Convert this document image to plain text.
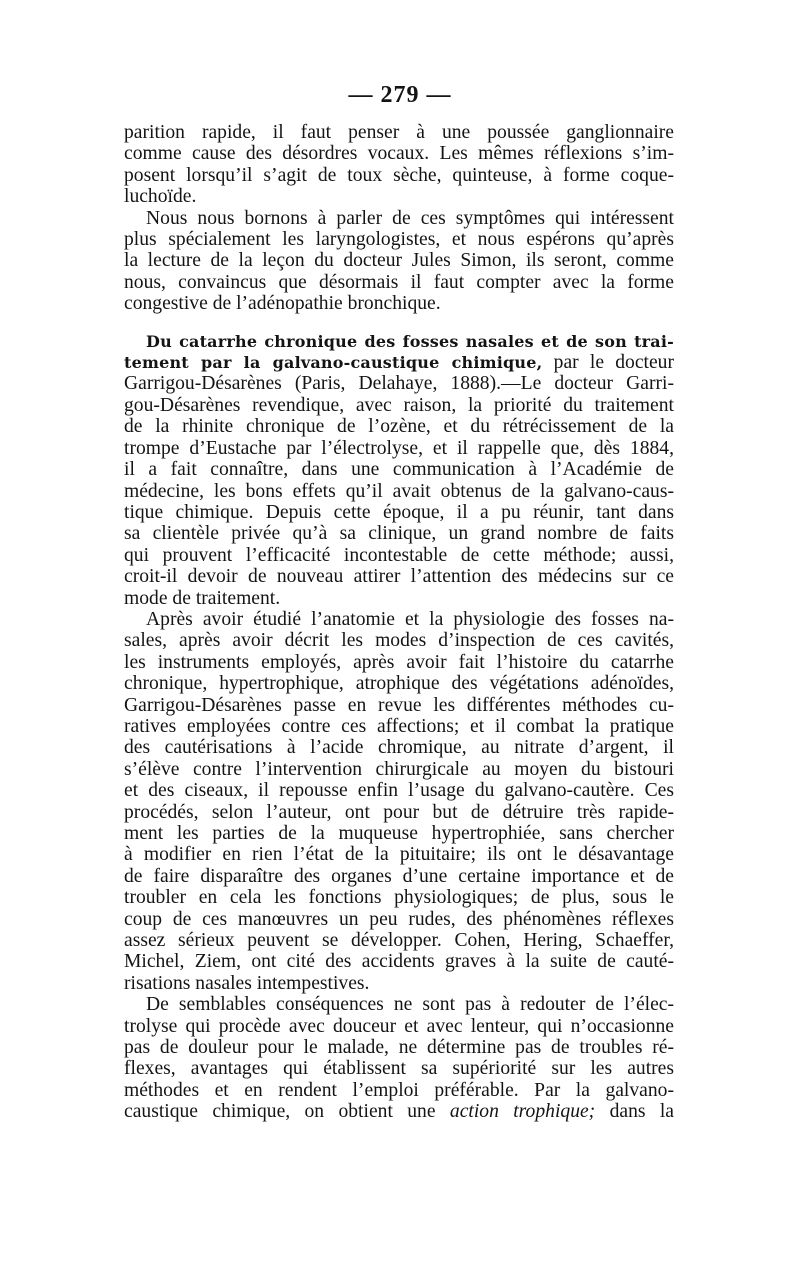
— 279 —
parition rapide, il faut penser à une poussée ganglionnaire
comme cause des désordres vocaux. Les mêmes réflexions s’im-
posent lorsqu’il s’agit de toux sèche, quinteuse, à forme coque-
luchoïde.
Nous nous bornons à parler de ces symptômes qui intéressent
plus spécialement les laryngologistes, et nous espérons qu’après
la lecture de la leçon du docteur Jules Simon, ils seront, comme
nous, convaincus que désormais il faut compter avec la forme
congestive de l’adénopathie bronchique.
Du catarrhe chronique des fosses nasales et de son trai-
tement par la galvano-caustique chimique, par le docteur
Garrigou-Désarènes (Paris, Delahaye, 1888).—Le docteur Garri-
gou-Désarènes revendique, avec raison, la priorité du traitement
de la rhinite chronique de l’ozène, et du rétrécissement de la
trompe d’Eustache par l’électrolyse, et il rappelle que, dès 1884,
il a fait connaître, dans une communication à l’Académie de
médecine, les bons effets qu’il avait obtenus de la galvano-caus-
tique chimique. Depuis cette époque, il a pu réunir, tant dans
sa clientèle privée qu’à sa clinique, un grand nombre de faits
qui prouvent l’efficacité incontestable de cette méthode; aussi,
croit-il devoir de nouveau attirer l’attention des médecins sur ce
mode de traitement.
Après avoir étudié l’anatomie et la physiologie des fosses na-
sales, après avoir décrit les modes d’inspection de ces cavités,
les instruments employés, après avoir fait l’histoire du catarrhe
chronique, hypertrophique, atrophique des végétations adénoïdes,
Garrigou-Désarènes passe en revue les différentes méthodes cu-
ratives employées contre ces affections; et il combat la pratique
des cautérisations à l’acide chromique, au nitrate d’argent, il
s’élève contre l’intervention chirurgicale au moyen du bistouri
et des ciseaux, il repousse enfin l’usage du galvano-cautère. Ces
procédés, selon l’auteur, ont pour but de détruire très rapide-
ment les parties de la muqueuse hypertrophiée, sans chercher
à modifier en rien l’état de la pituitaire; ils ont le désavantage
de faire disparaître des organes d’une certaine importance et de
troubler en cela les fonctions physiologiques; de plus, sous le
coup de ces manœuvres un peu rudes, des phénomènes réflexes
assez sérieux peuvent se développer. Cohen, Hering, Schaeffer,
Michel, Ziem, ont cité des accidents graves à la suite de cauté-
risations nasales intempestives.
De semblables conséquences ne sont pas à redouter de l’élec-
trolyse qui procède avec douceur et avec lenteur, qui n’occasionne
pas de douleur pour le malade, ne détermine pas de troubles ré-
flexes, avantages qui établissent sa supériorité sur les autres
méthodes et en rendent l’emploi préférable. Par la galvano-
caustique chimique, on obtient une action trophique; dans la
